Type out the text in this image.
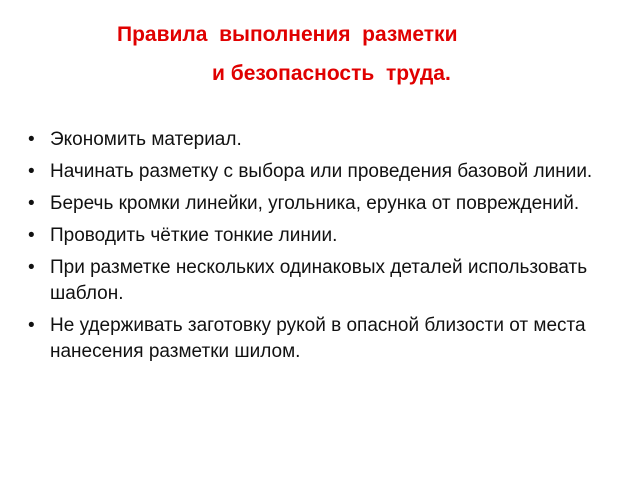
Правила  выполнения  разметки
и безопасность  труда.
• Экономить материал.
• Начинать разметку с выбора или проведения базовой линии.
• Беречь кромки линейки, угольника, ерунка от повреждений.
• Проводить чёткие тонкие линии.
• При разметке нескольких одинаковых деталей использовать шаблон.
• Не удерживать заготовку рукой в опасной близости от места нанесения разметки шилом.
